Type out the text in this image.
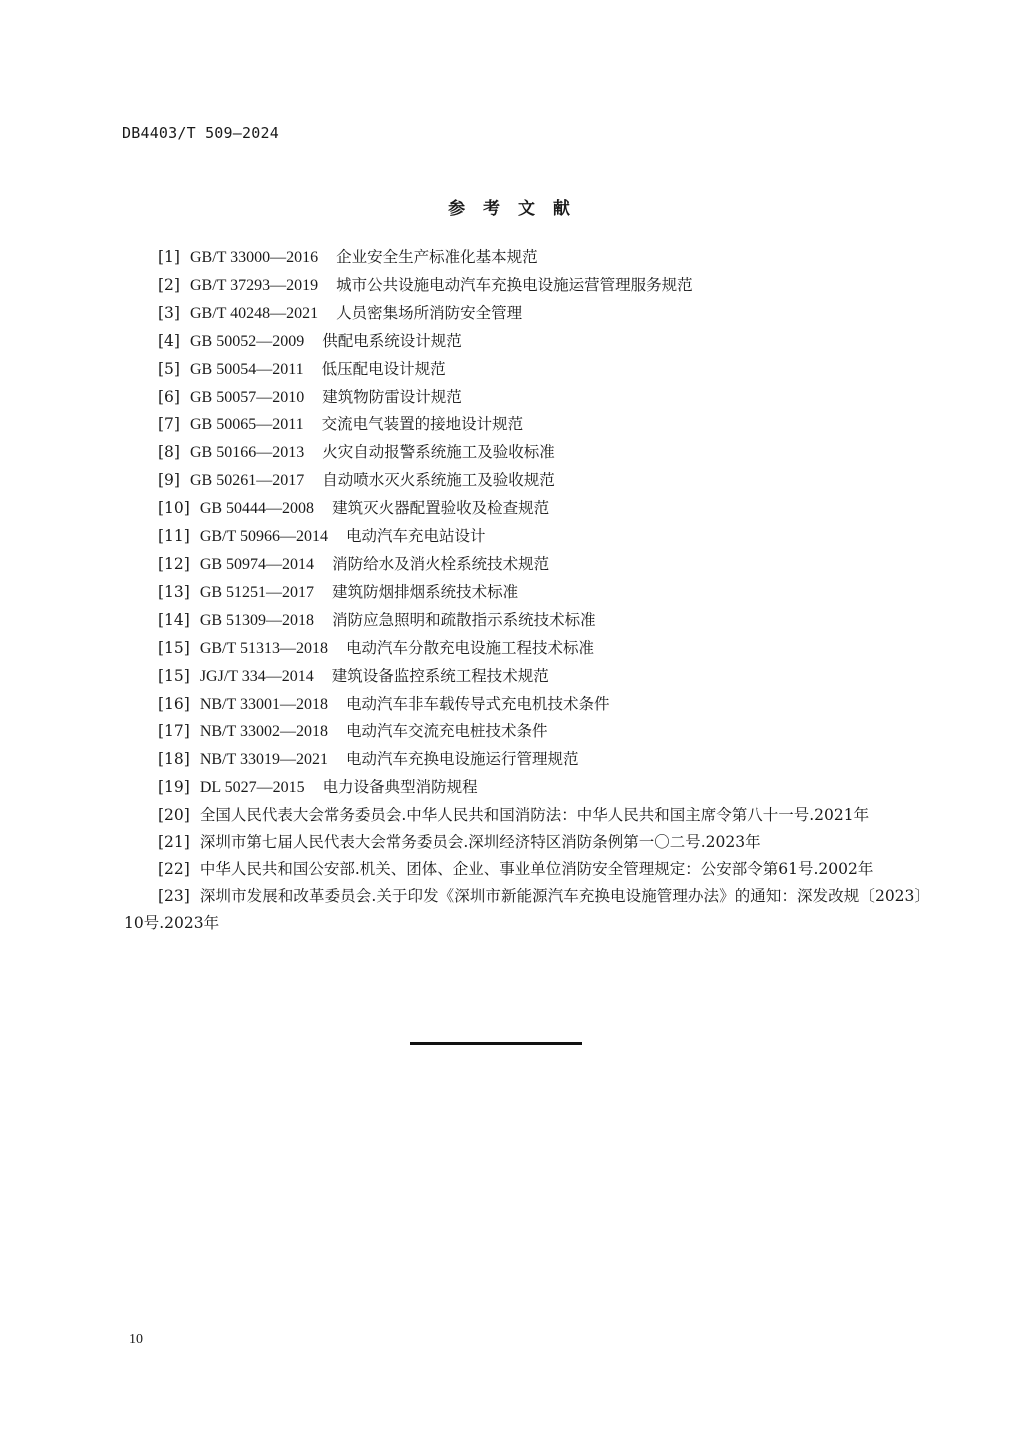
DB4403/T 509—2024
参 考 文 献
[1] GB/T 33000—2016 企业安全生产标准化基本规范
[2] GB/T 37293—2019 城市公共设施电动汽车充换电设施运营管理服务规范
[3] GB/T 40248—2021 人员密集场所消防安全管理
[4] GB 50052—2009 供配电系统设计规范
[5] GB 50054—2011 低压配电设计规范
[6] GB 50057—2010 建筑物防雷设计规范
[7] GB 50065—2011 交流电气装置的接地设计规范
[8] GB 50166—2013 火灾自动报警系统施工及验收标准
[9] GB 50261—2017 自动喷水灭火系统施工及验收规范
[10] GB 50444—2008 建筑灭火器配置验收及检查规范
[11] GB/T 50966—2014 电动汽车充电站设计
[12] GB 50974—2014 消防给水及消火栓系统技术规范
[13] GB 51251—2017 建筑防烟排烟系统技术标准
[14] GB 51309—2018 消防应急照明和疏散指示系统技术标准
[15] GB/T 51313—2018 电动汽车分散充电设施工程技术标准
[15] JGJ/T 334—2014 建筑设备监控系统工程技术规范
[16] NB/T 33001—2018 电动汽车非车载传导式充电机技术条件
[17] NB/T 33002—2018 电动汽车交流充电桩技术条件
[18] NB/T 33019—2021 电动汽车充换电设施运行管理规范
[19] DL 5027—2015 电力设备典型消防规程
[20] 全国人民代表大会常务委员会.中华人民共和国消防法：中华人民共和国主席令第八十一号.2021年
[21] 深圳市第七届人民代表大会常务委员会.深圳经济特区消防条例第一〇二号.2023年
[22] 中华人民共和国公安部.机关、团体、企业、事业单位消防安全管理规定：公安部令第61号.2002年
[23] 深圳市发展和改革委员会.关于印发《深圳市新能源汽车充换电设施管理办法》的通知：深发改规〔2023〕10号.2023年
10
